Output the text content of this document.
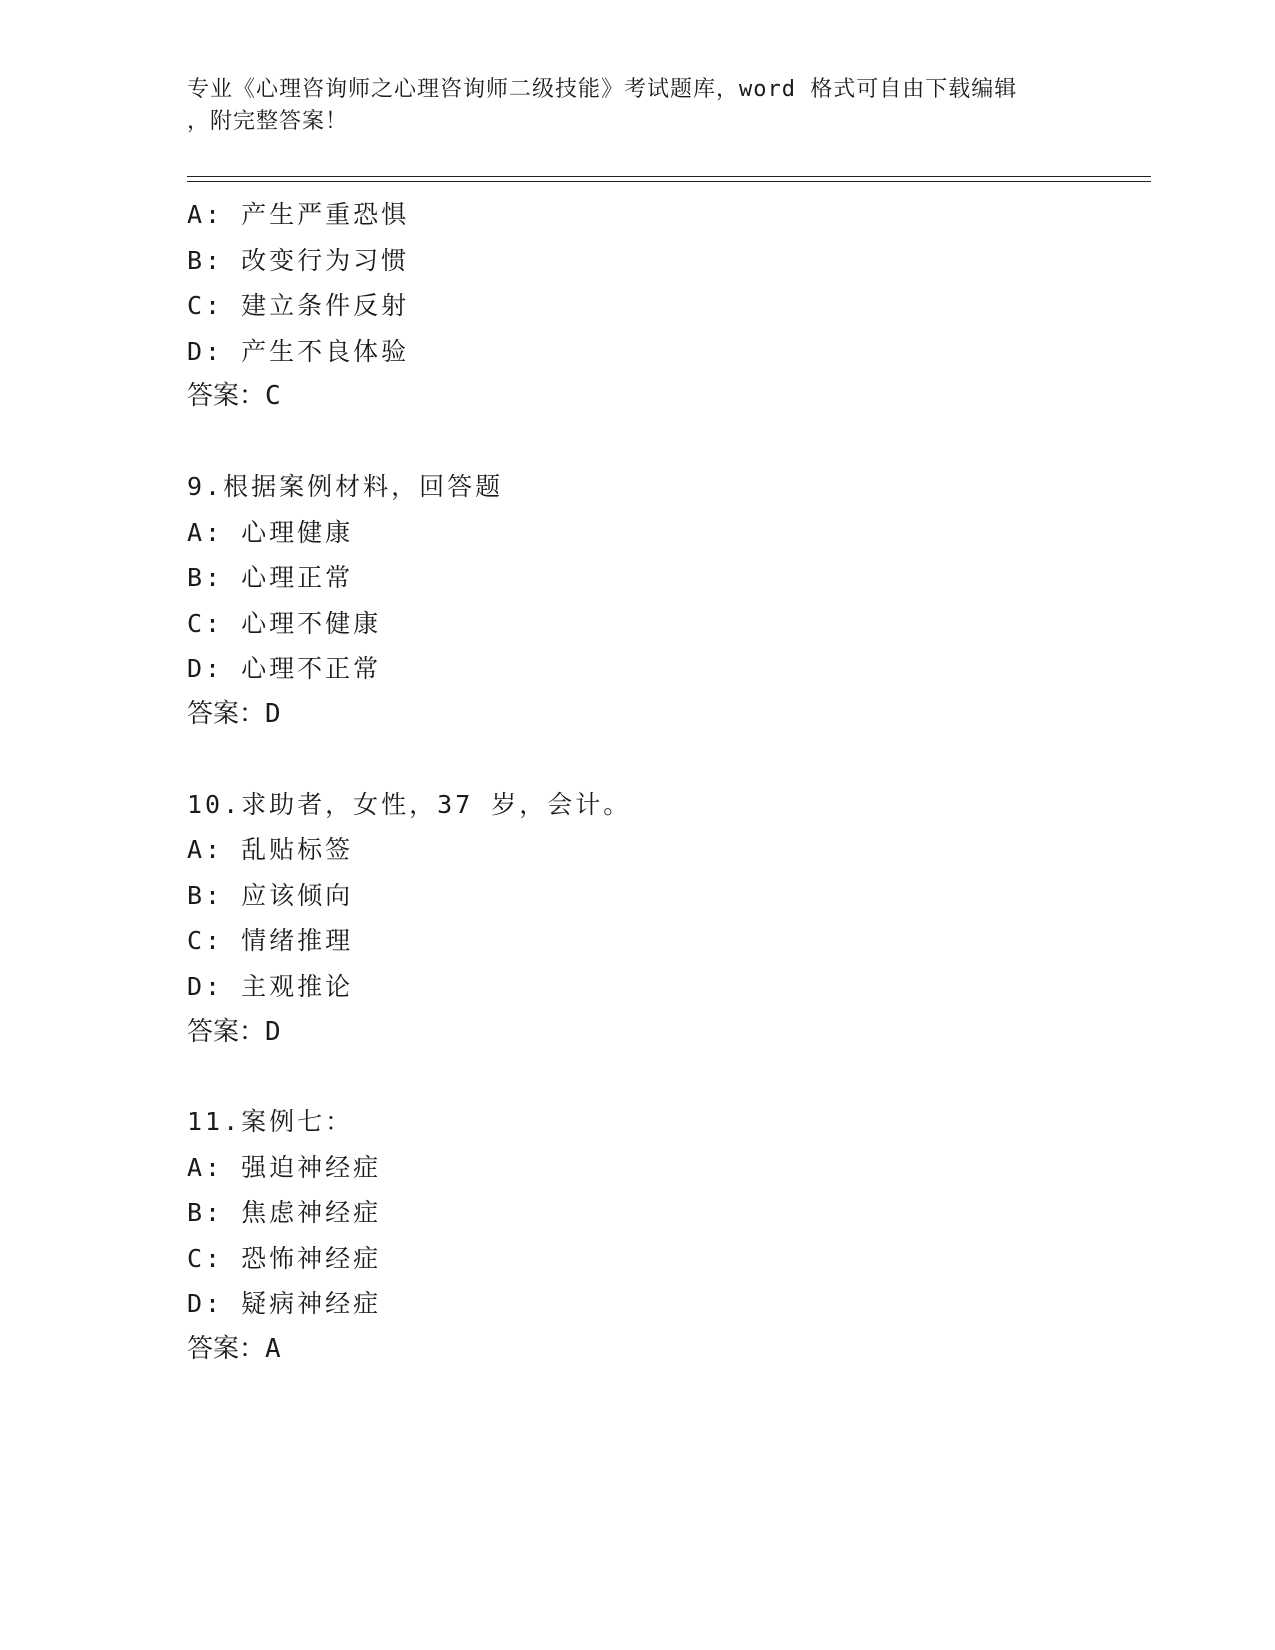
专业《心理咨询师之心理咨询师二级技能》考试题库，word 格式可自由下载编辑
，附完整答案！
A: 产生严重恐惧
B: 改变行为习惯
C: 建立条件反射
D: 产生不良体验
答案：C
9.根据案例材料，回答题
A: 心理健康
B: 心理正常
C: 心理不健康
D: 心理不正常
答案：D
10.求助者，女性，37 岁，会计。
A: 乱贴标签
B: 应该倾向
C: 情绪推理
D: 主观推论
答案：D
11.案例七：
A: 强迫神经症
B: 焦虑神经症
C: 恐怖神经症
D: 疑病神经症
答案：A
